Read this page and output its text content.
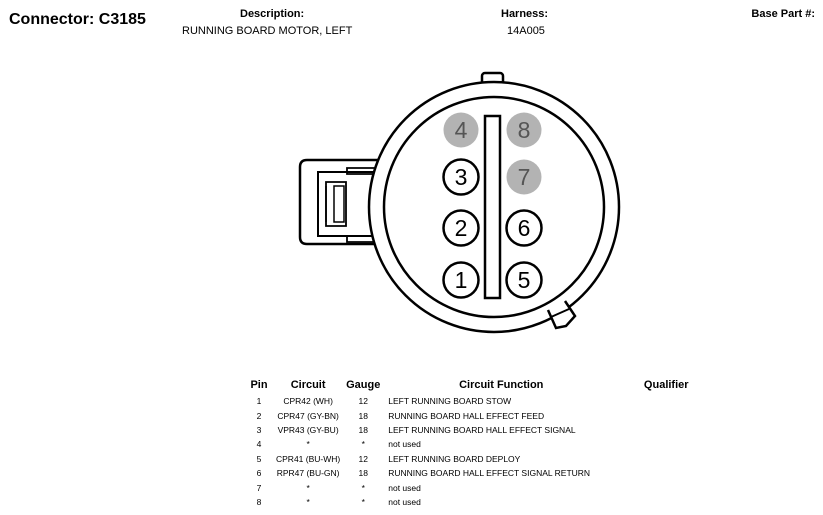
Connector: C3185	Description:
RUNNING BOARD MOTOR, LEFT
Harness:
14A005
Base Part #:
1
2
3
4
5
6
7
8
Pin	Circuit	Gauge	Circuit Function	Qualifier
1	CPR42 (WH)	12	LEFT RUNNING BOARD STOW	
2	CPR47 (GY-BN)	18	RUNNING BOARD HALL EFFECT FEED	
3	VPR43 (GY-BU)	18	LEFT RUNNING BOARD HALL EFFECT SIGNAL	
4	*	*	not used	
5	CPR41 (BU-WH)	12	LEFT RUNNING BOARD DEPLOY	
6	RPR47 (BU-GN)	18	RUNNING BOARD HALL EFFECT SIGNAL RETURN	
7	*	*	not used	
8	*	*	not used	
